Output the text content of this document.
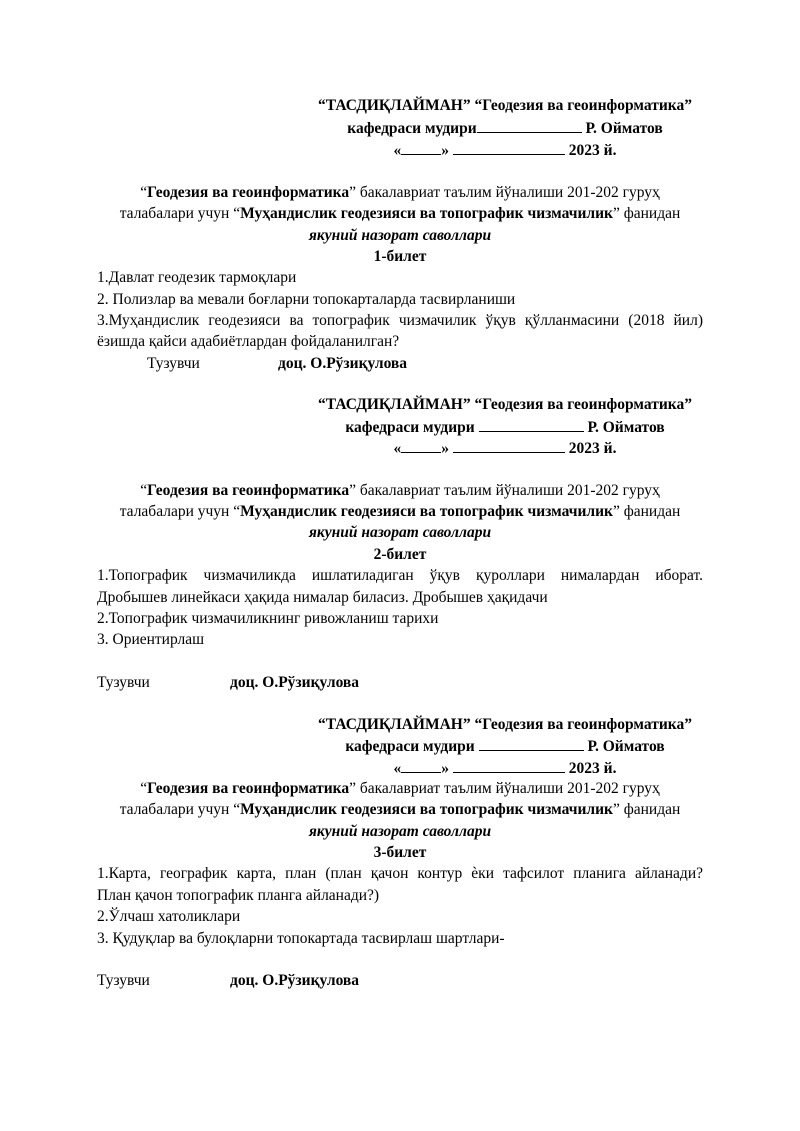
“ТАСДИҚЛАЙМАН” “Геодезия ва геоинформатика”
кафедраси мудири	Р. Ойматов
«	»	2023 й.
“Геодезия ва геоинформатика” бакалавриат таълим йўналиши 201-202 гуруҳ
талабалари учун “Муҳандислик геодезияси ва топографик чизмачилик” фанидан
якуний назорат саволлари
1-билет
1.Давлат геодезик тармоқлари
2. Полизлар ва мевали боғларни топокарталарда тасвирланиши
3.Муҳандислик геодезияси ва топографик чизмачилик ўқув қўлланмасини (2018 йил)
ёзишда қайси адабиётлардан фойдаланилган?
Тузувчи	доц. О.Рўзиқулова
“ТАСДИҚЛАЙМАН” “Геодезия ва геоинформатика”
кафедраси мудири	Р. Ойматов
«	»	2023 й.
“Геодезия ва геоинформатика” бакалавриат таълим йўналиши 201-202 гуруҳ
талабалари учун “Муҳандислик геодезияси ва топографик чизмачилик” фанидан
якуний назорат саволлари
2-билет
1.Топографик чизмачиликда ишлатиладиган ўқув қуроллари нималардан иборат.
Дробышев линейкаси ҳақида нималар биласиз. Дробышев ҳақидачи
2.Топографик чизмачиликнинг ривожланиш тарихи
3. Ориентирлаш
Тузувчи	доц. О.Рўзиқулова
“ТАСДИҚЛАЙМАН” “Геодезия ва геоинформатика”
кафедраси мудири	Р. Ойматов
«	»	2023 й.
“Геодезия ва геоинформатика” бакалавриат таълим йўналиши 201-202 гуруҳ
талабалари учун “Муҳандислик геодезияси ва топографик чизмачилик” фанидан
якуний назорат саволлари
3-билет
1.Карта, географик карта, план (план қачон контур ѐки тафсилот планига айланади?
План қачон топографик планга айланади?)
2.Ўлчаш хатоликлари
3. Қудуқлар ва булоқларни топокартада тасвирлаш шартлари-
Тузувчи	доц. О.Рўзиқулова
